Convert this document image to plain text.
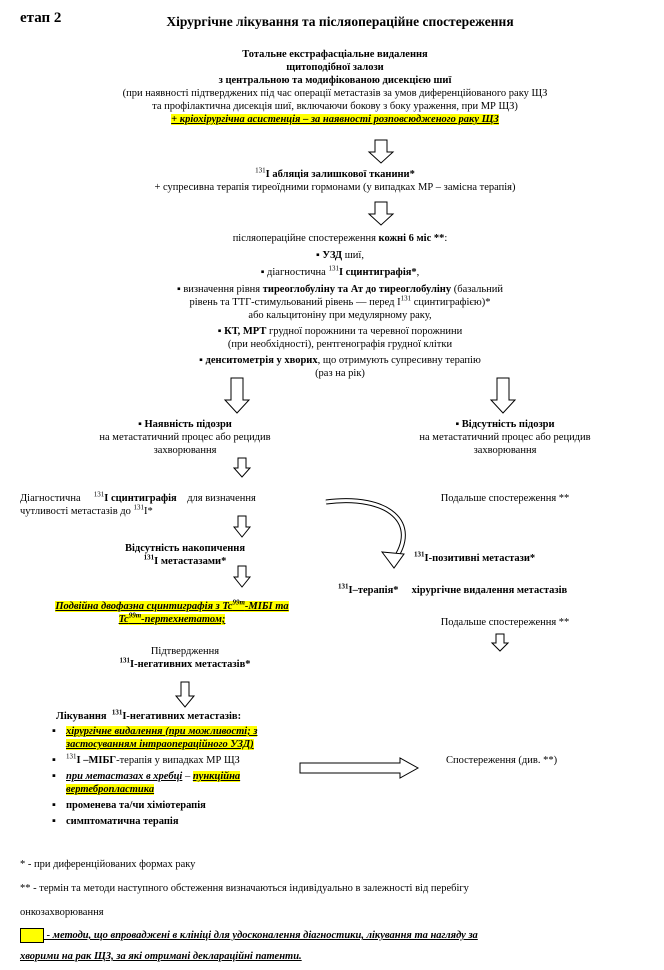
етап 2	Хірургічне лікування та післяопераційне спостереження
Тотальне екстрафасціальне видалення
щитоподібної залози
з центральною та модифікованою дисекцією шиї
(при наявності підтверджених під час операції метастазів за умов диференційованого раку ЩЗ
та профілактична дисекція шиї, включаючи бокову з боку ураження, при МР ЩЗ)
+ кріохірургічна асистенція – за наявності розповсюдженого раку ЩЗ
$^{131}$I абляція залишкової тканини*
+ супресивна терапія тиреоїдними гормонами (у випадках МР – замісна терапія)
післяопераційне спостереження кожні 6 міс **:
▪ УЗД шиї,
▪ діагностична $^{131}$I сцинтиграфія*,
▪ визначення рівня тиреоглобуліну та Ат до тиреоглобуліну (базальний
рівень та ТТГ-стимульований рівень — перед $I^{131}$ сцинтиграфією)*
або кальцитоніну при медулярному раку,
▪ КТ, МРТ грудної порожнини та черевної порожнини
(при необхідності), рентгенографія грудної клітки
▪ денситометрія у хворих, що отримують супресивну терапію
(раз на рік)
▪ Наявність підозри
на метастатичний процес або рецидив
захворювання
▪ Відсутність підозри
на метастатичний процес або рецидив
захворювання
Діагностична $^{131}$I сцинтиграфія для визначення
чутливості метастазів до $^{131}$I*
Подальше спостереження **
Відсутність накопичення
$^{131}$I метастазами*
$^{131}$I-позитивні метастази*
$^{131}$I–терапія* хірургічне видалення метастазів
Подальше спостереження **
Подвійна двофазна сцинтиграфія з $Tc^{99m}$-МІБІ та
$Tc^{99m}$-пертехнетатом;
Підтвердження
$^{131}$I-негативних метастазів*
Лікування $^{131}$I-негативних метастазів:
▪ хірургічне видалення (при можливості; з
застосуванням інтраопераційного УЗД)
▪ $^{131}$I –МІБГ-терапія у випадках МР ЩЗ
▪ при метастазах в хребці – пункційна
вертебропластика
▪ променева та/чи хіміотерапія
▪ симптоматична терапія
Спостереження (див. **)
* - при диференційованих формах раку
** - термін та методи наступного обстеження визначаються індивідуально в залежності від перебігу
онкозахворювання
- методи, що впроваджені в клініці для удосконалення діагностики, лікування та нагляду за
хворими на рак ЩЗ, за які отримані деклараційні патенти.
